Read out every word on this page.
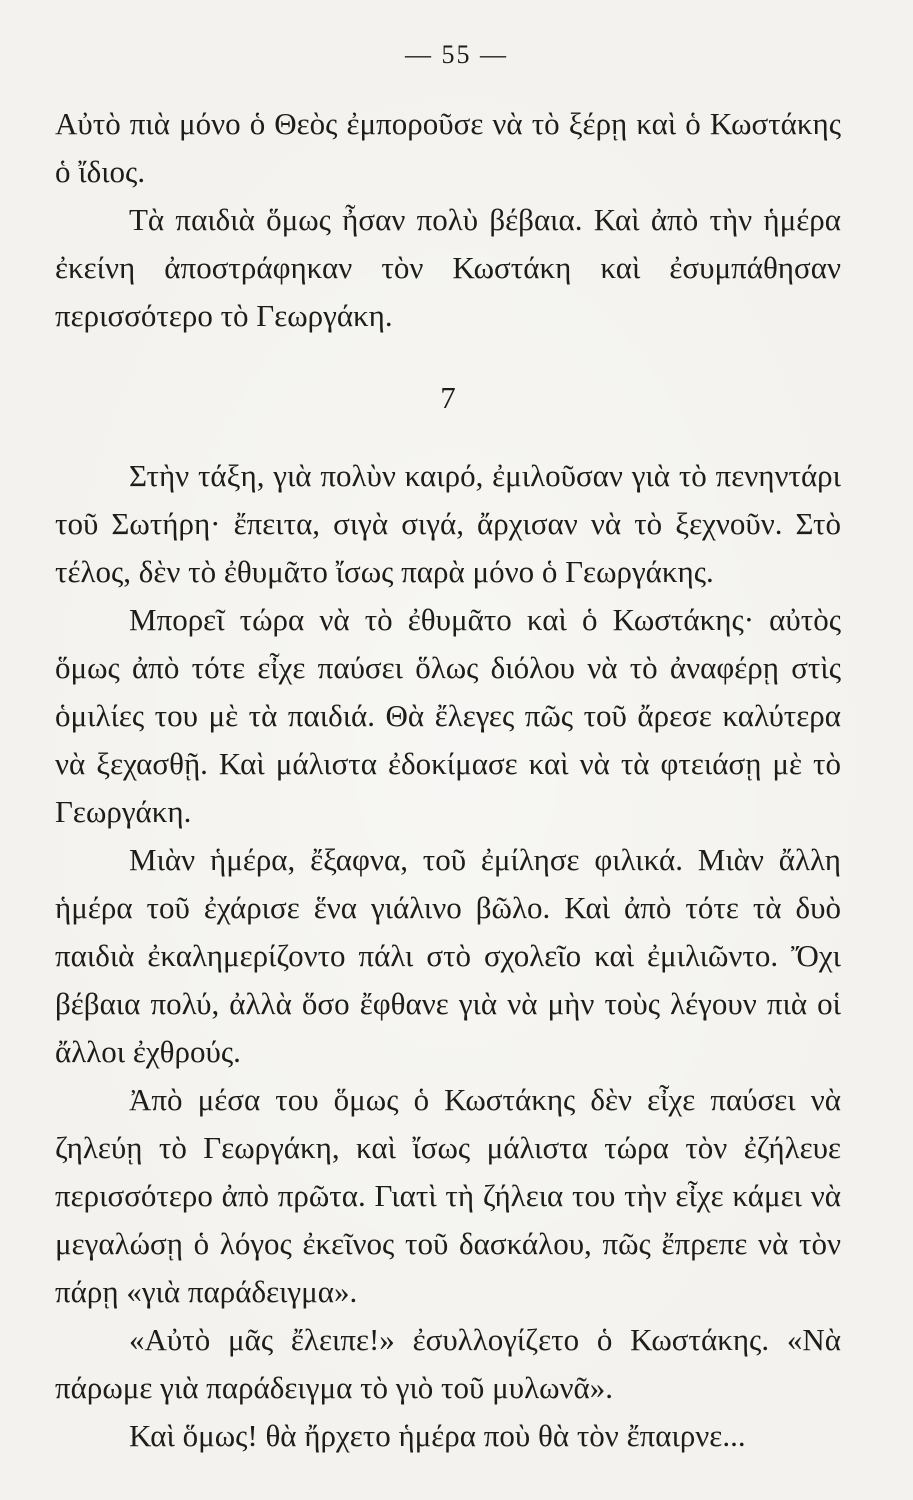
— 55 —

Αὐτὸ πιὰ μόνο ὁ Θεὸς ἐμποροῦσε νὰ τὸ ξέρῃ καὶ ὁ Κωστάκης ὁ ἴδιος.

Τὰ παιδιὰ ὅμως ἦσαν πολὺ βέβαια. Καὶ ἀπὸ τὴν ἡμέρα ἐκείνη ἀποστράφηκαν τὸν Κωστάκη καὶ ἐσυμπάθησαν περισσότερο τὸ Γεωργάκη.

7

Στὴν τάξη, γιὰ πολὺν καιρό, ἐμιλοῦσαν γιὰ τὸ πενηντάρι τοῦ Σωτήρη· ἔπειτα, σιγὰ σιγά, ἄρχισαν νὰ τὸ ξεχνοῦν. Στὸ τέλος, δὲν τὸ ἐθυμᾶτο ἴσως παρὰ μόνο ὁ Γεωργάκης.

Μπορεῖ τώρα νὰ τὸ ἐθυμᾶτο καὶ ὁ Κωστάκης· αὐτὸς ὅμως ἀπὸ τότε εἶχε παύσει ὅλως διόλου νὰ τὸ ἀναφέρῃ στὶς ὁμιλίες του μὲ τὰ παιδιά. Θὰ ἔλεγες πῶς τοῦ ἄρεσε καλύτερα νὰ ξεχασθῇ. Καὶ μάλιστα ἐδοκίμασε καὶ νὰ τὰ φτειάσῃ μὲ τὸ Γεωργάκη.

Μιὰν ἡμέρα, ἔξαφνα, τοῦ ἐμίλησε φιλικά. Μιὰν ἄλλη ἡμέρα τοῦ ἐχάρισε ἕνα γιάλινο βῶλο. Καὶ ἀπὸ τότε τὰ δυὸ παιδιὰ ἐκαλημερίζοντο πάλι στὸ σχολεῖο καὶ ἐμιλιῶντο. Ὄχι βέβαια πολύ, ἀλλὰ ὅσο ἔφθανε γιὰ νὰ μὴν τοὺς λέγουν πιὰ οἱ ἄλλοι ἐχθρούς.

Ἀπὸ μέσα του ὅμως ὁ Κωστάκης δὲν εἶχε παύσει νὰ ζηλεύῃ τὸ Γεωργάκη, καὶ ἴσως μάλιστα τώρα τὸν ἐζήλευε περισσότερο ἀπὸ πρῶτα. Γιατὶ τὴ ζήλεια του τὴν εἶχε κάμει νὰ μεγαλώσῃ ὁ λόγος ἐκεῖνος τοῦ δασκάλου, πῶς ἔπρεπε νὰ τὸν πάρῃ «γιὰ παράδειγμα».

«Αὐτὸ μᾶς ἔλειπε!» ἐσυλλογίζετο ὁ Κωστάκης. «Νὰ πάρωμε γιὰ παράδειγμα τὸ γιὸ τοῦ μυλωνᾶ».

Καὶ ὅμως! θὰ ἤρχετο ἡμέρα ποὺ θὰ τὸν ἔπαιρνε...
